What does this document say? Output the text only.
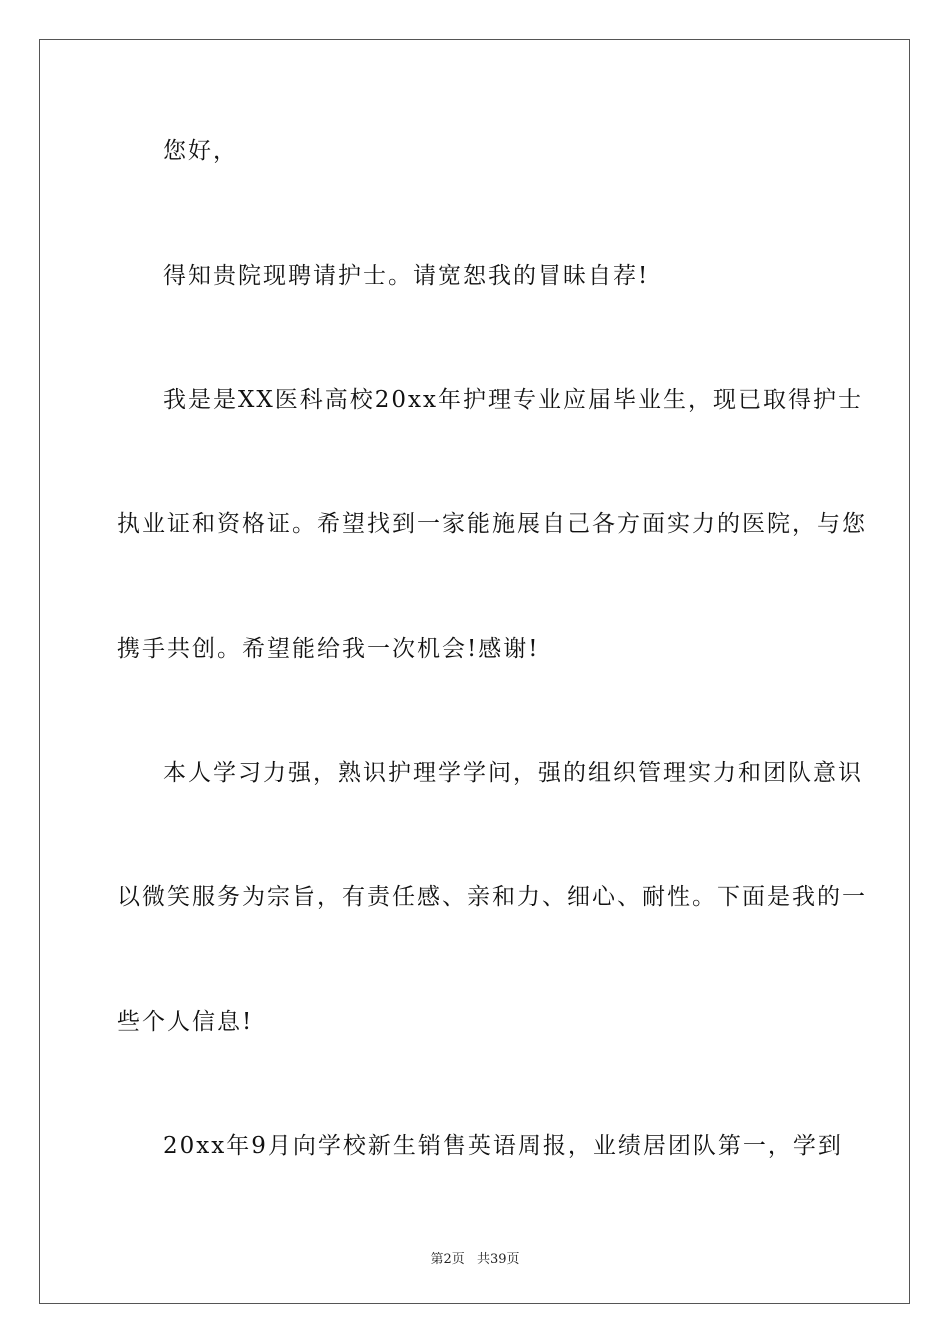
您好，
得知贵院现聘请护士。请宽恕我的冒昧自荐!
我是是XX医科高校20xx年护理专业应届毕业生，现已取得护士
执业证和资格证。希望找到一家能施展自己各方面实力的医院，与您
携手共创。希望能给我一次机会!感谢!
本人学习力强，熟识护理学学问，强的组织管理实力和团队意识
以微笑服务为宗旨，有责任感、亲和力、细心、耐性。下面是我的一
些个人信息!
20xx年9月向学校新生销售英语周报，业绩居团队第一，学到
第2页 共39页
